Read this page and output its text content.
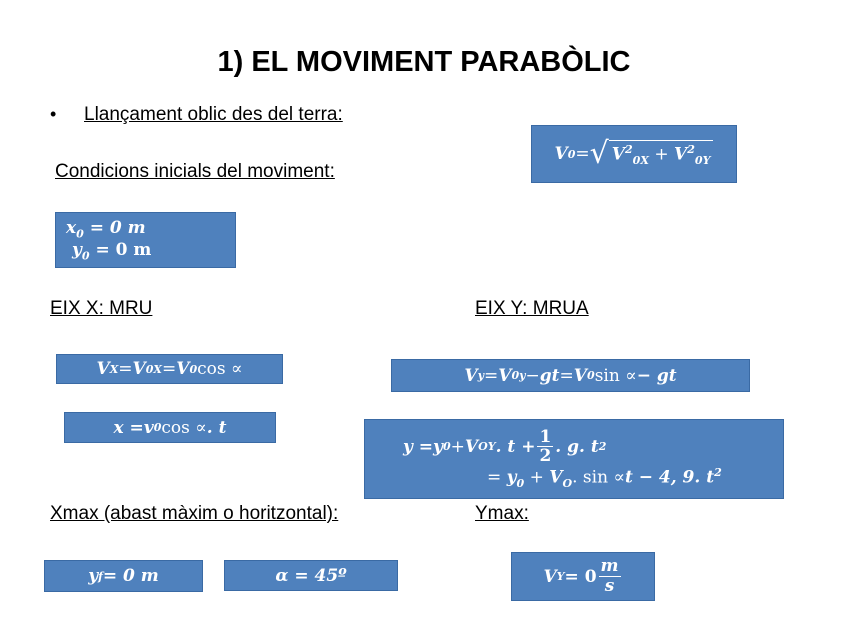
1) EL MOVIMENT PARABÒLIC
• Llançament oblic des del terra:
Condicions inicials del moviment:
V 0 = √ $V^2_{0X} + V^2_{0Y}$
$x_0 = 0$ m
$y_0 = 0$ m
EIX X: MRU	EIX Y: MRUA
V X = V 0X = V 0 cos ∝
x = v 0 cos ∝ . t
V y = V 0y − gt = V 0 sin ∝ − gt
y = y 0 + V OY . $t + \frac{1}{2}$ . g. t 2
= $y_0 + V_O$. sin ∝t − 4, 9. $t^2$
Xmax (abast màxim o horitzontal):	Ymax:
y f = 0 m	α = 45º	V $Y = 0 \frac{m}{s}$
